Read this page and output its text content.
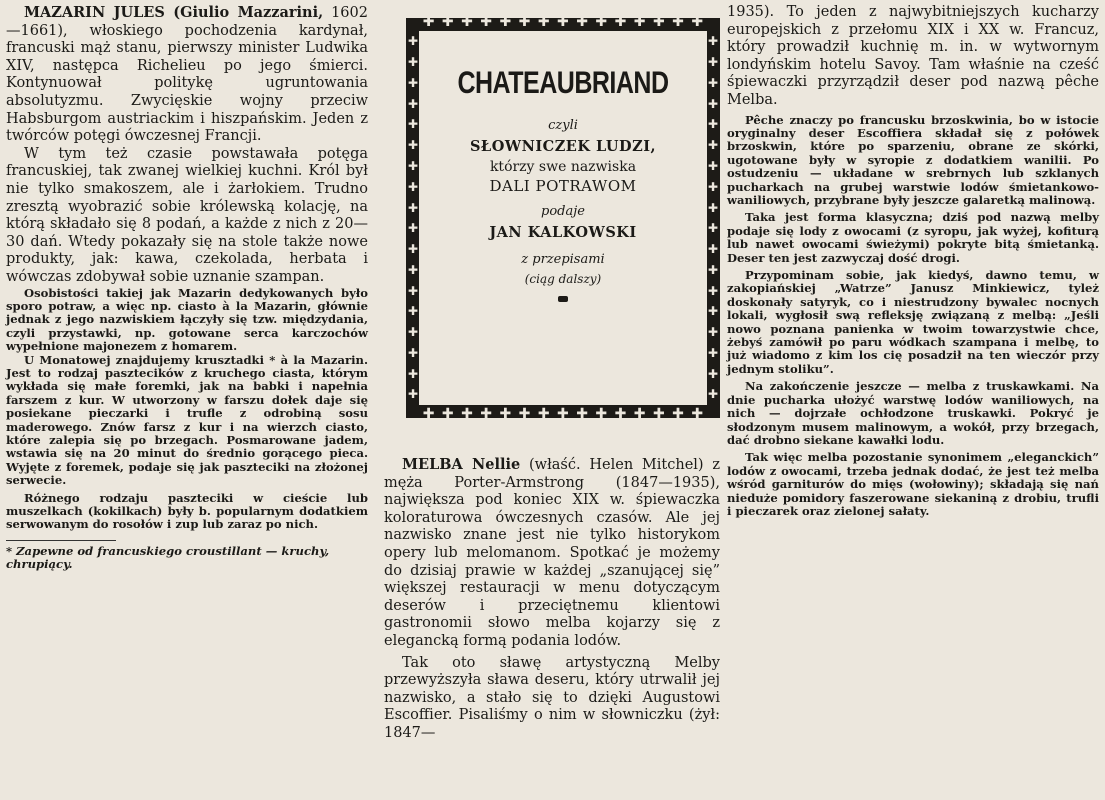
MAZARIN JULES (Giulio Mazzarini, 1602—1661), włoskiego pochodzenia kardynał, francuski mąż stanu, pierwszy minister Ludwika XIV, następca Richelieu po jego śmierci. Kontynuował politykę ugruntowania absolutyzmu. Zwycięskie wojny przeciw Habsburgom austriackim i hiszpańskim. Jeden z twórców potęgi ówczesnej Francji.

W tym też czasie powstawała potęga francuskiej, tak zwanej wielkiej kuchni. Król był nie tylko smakoszem, ale i żarłokiem. Trudno zresztą wyobrazić sobie królewską kolację, na którą składało się 8 podań, a każde z nich z 20—30 dań. Wtedy pokazały się na stole także nowe produkty, jak: kawa, czekolada, herbata i wówczas zdobywał sobie uznanie szampan.

Osobistości takiej jak Mazarin dedykowanych było sporo potraw, a więc np. ciasto à la Mazarin, głównie jednak z jego nazwiskiem łączyły się tzw. międzydania, czyli przystawki, np. gotowane serca karczochów wypełnione majonezem z homarem.

U Monatowej znajdujemy krusztadki * à la Mazarin. Jest to rodzaj pasztecików z kruchego ciasta, którym wykłada się małe foremki, jak na babki i napełnia farszem z kur. W utworzony w farszu dołek daje się posiekane pieczarki i trufle z odrobiną sosu maderowego. Znów farsz z kur i na wierzch ciasto, które zalepia się po brzegach. Posmarowane jadem, wstawia się na 20 minut do średnio gorącego pieca. Wyjęte z foremek, podaje się jak paszteciki na złożonej serwecie.

Różnego rodzaju paszteciki w cieście lub muszelkach (kokilkach) były b. popularnym dodatkiem serwowanym do rosołów i zup lub zaraz po nich.

* Zapewne od francuskiego croustillant — kruchy, chrupiący.

✚ ✚ ✚ ✚ ✚ ✚ ✚ ✚ ✚ ✚ ✚ ✚ ✚ ✚ ✚
✚ ✚ ✚ ✚ ✚ ✚ ✚ ✚ ✚ ✚ ✚ ✚ ✚ ✚ ✚
✚
✚
✚
✚
✚
✚
✚
✚
✚
✚
✚
✚
✚
✚
✚
✚
✚
✚
✚
✚
✚
✚
✚
✚
✚
✚
✚
✚
✚
✚
✚
✚
✚
✚
✚
✚
CHATEAUBRIAND
czyli
SŁOWNICZEK LUDZI,
którzy swe nazwiska
DALI POTRAWOM
podaje
JAN KALKOWSKI
z przepisami
(ciąg dalszy)

MELBA Nellie (właść. Helen Mitchel) z męża Porter-Armstrong (1847—1935), największa pod koniec XIX w. śpiewaczka koloraturowa ówczesnych czasów. Ale jej nazwisko znane jest nie tylko historykom opery lub melomanom. Spotkać je możemy do dzisiaj prawie w każdej „szanującej się” większej restauracji w menu dotyczącym deserów i przeciętnemu klientowi gastronomii słowo melba kojarzy się z elegancką formą podania lodów.

Tak oto sławę artystyczną Melby przewyższyła sława deseru, który utrwalił jej nazwisko, a stało się to dzięki Augustowi Escoffier. Pisaliśmy o nim w słowniczku (żył: 1847—

1935). To jeden z najwybitniejszych kucharzy europejskich z przełomu XIX i XX w. Francuz, który prowadził kuchnię m. in. w wytwornym londyńskim hotelu Savoy. Tam właśnie na cześć śpiewaczki przyrządził deser pod nazwą pêche Melba.

Pêche znaczy po francusku brzoskwinia, bo w istocie oryginalny deser Escoffiera składał się z połówek brzoskwin, które po sparzeniu, obrane ze skórki, ugotowane były w syropie z dodatkiem wanilii. Po ostudzeniu — układane w srebrnych lub szklanych pucharkach na grubej warstwie lodów śmietankowo-waniliowych, przybrane były jeszcze galaretką malinową.

Taka jest forma klasyczna; dziś pod nazwą melby podaje się lody z owocami (z syropu, jak wyżej, kofiturą lub nawet owocami świeżymi) pokryte bitą śmietanką. Deser ten jest zazwyczaj dość drogi.

Przypominam sobie, jak kiedyś, dawno temu, w zakopiańskiej „Watrze” Janusz Minkiewicz, tyleż doskonały satyryk, co i niestrudzony bywalec nocnych lokali, wygłosił swą refleksję związaną z melbą: „Jeśli nowo poznana panienka w twoim towarzystwie chce, żebyś zamówił po paru wódkach szampana i melbę, to już wiadomo z kim los cię posadził na ten wieczór przy jednym stoliku”.

Na zakończenie jeszcze — melba z truskawkami. Na dnie pucharka ułożyć warstwę lodów waniliowych, na nich — dojrzałe ochłodzone truskawki. Pokryć je słodzonym musem malinowym, a wokół, przy brzegach, dać drobno siekane kawałki lodu.

Tak więc melba pozostanie synonimem „eleganckich” lodów z owocami, trzeba jednak dodać, że jest też melba wśród garniturów do mięs (wołowiny); składają się nań nieduże pomidory faszerowane siekaniną z drobiu, trufli i pieczarek oraz zielonej sałaty.
